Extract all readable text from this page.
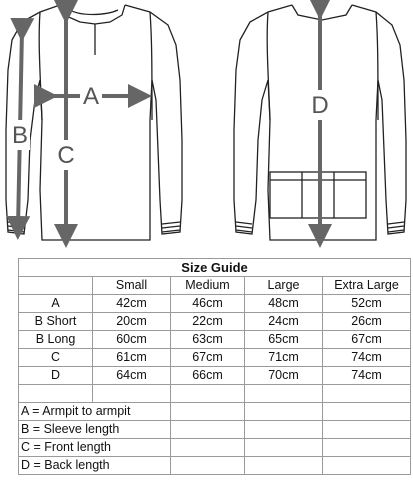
A
B
C
D
Size Guide				
	Small	Medium	Large	Extra Large
A	42cm	46cm	48cm	52cm
B Short	20cm	22cm	24cm	26cm
B Long	60cm	63cm	65cm	67cm
C	61cm	67cm	71cm	74cm
D	64cm	66cm	70cm	74cm

A = Armpit to armpit				
B = Sleeve length				
C = Front length				
D = Back length				
